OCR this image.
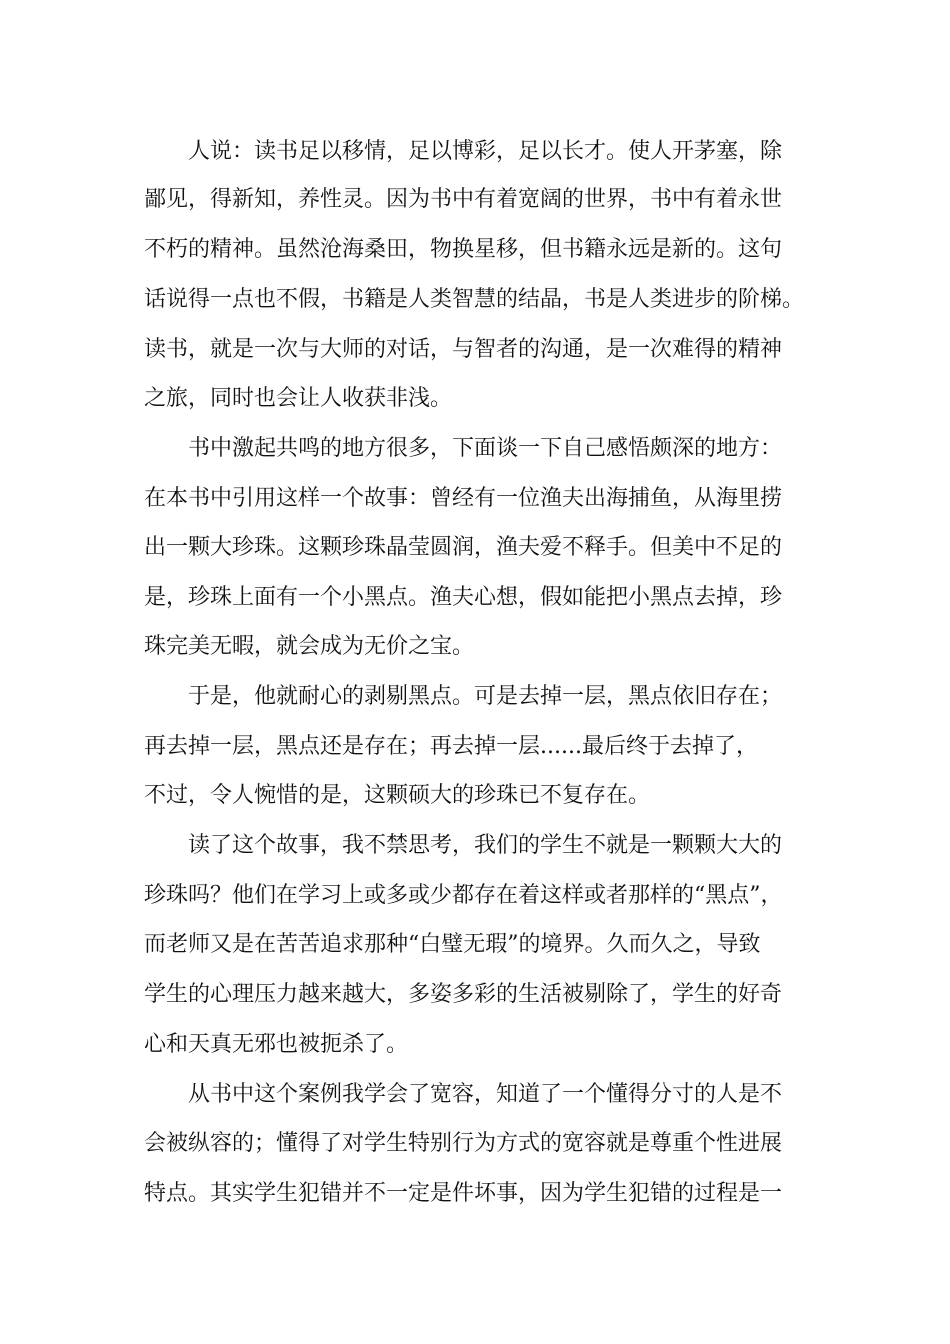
人说：读书足以移情，足以博彩，足以长才。使人开茅塞，除

鄙见，得新知，养性灵。因为书中有着宽阔的世界，书中有着永世

不朽的精神。虽然沧海桑田，物换星移，但书籍永远是新的。这句

话说得一点也不假，书籍是人类智慧的结晶，书是人类进步的阶梯。

读书，就是一次与大师的对话，与智者的沟通，是一次难得的精神

之旅，同时也会让人收获非浅。

书中激起共鸣的地方很多，下面谈一下自己感悟颇深的地方：

在本书中引用这样一个故事：曾经有一位渔夫出海捕鱼，从海里捞

出一颗大珍珠。这颗珍珠晶莹圆润，渔夫爱不释手。但美中不足的

是，珍珠上面有一个小黑点。渔夫心想，假如能把小黑点去掉，珍

珠完美无暇，就会成为无价之宝。

于是，他就耐心的剥剔黑点。可是去掉一层，黑点依旧存在；

再去掉一层，黑点还是存在；再去掉一层......最后终于去掉了，

不过，令人惋惜的是，这颗硕大的珍珠已不复存在。

读了这个故事，我不禁思考，我们的学生不就是一颗颗大大的

珍珠吗？他们在学习上或多或少都存在着这样或者那样的“黑点”，

而老师又是在苦苦追求那种“白璧无瑕”的境界。久而久之，导致

学生的心理压力越来越大，多姿多彩的生活被剔除了，学生的好奇

心和天真无邪也被扼杀了。

从书中这个案例我学会了宽容，知道了一个懂得分寸的人是不

会被纵容的；懂得了对学生特别行为方式的宽容就是尊重个性进展

特点。其实学生犯错并不一定是件坏事，因为学生犯错的过程是一
